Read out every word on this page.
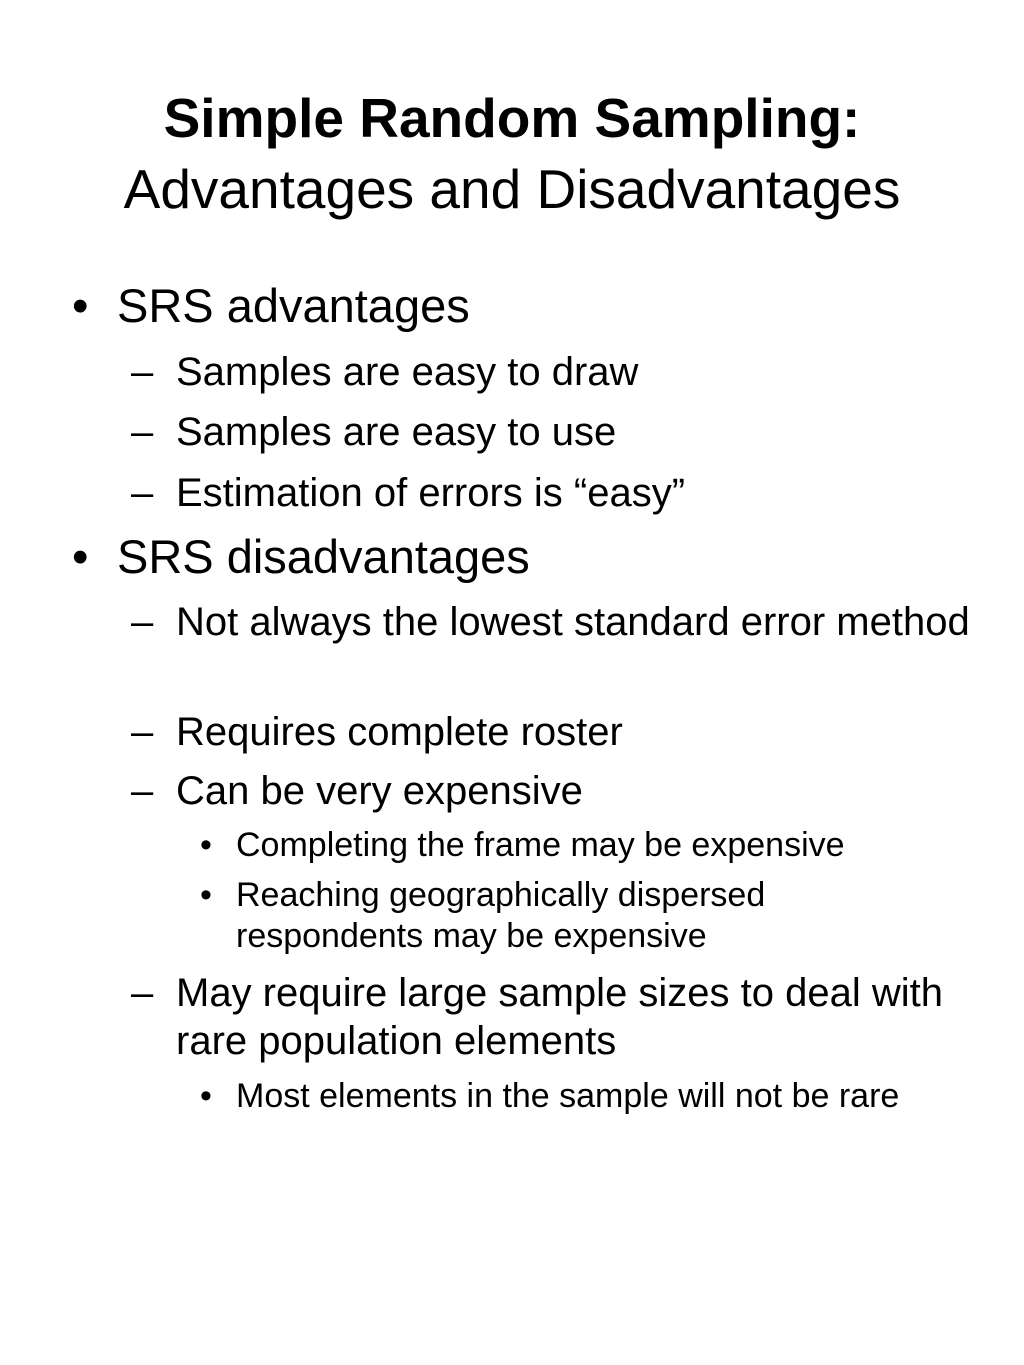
Simple Random Sampling:
Advantages and Disadvantages
• SRS advantages
– Samples are easy to draw
– Samples are easy to use
– Estimation of errors is “easy”
• SRS disadvantages
– Not always the lowest standard error method
– Requires complete roster
– Can be very expensive
• Completing the frame may be expensive
• Reaching geographically dispersed respondents may be expensive
– May require large sample sizes to deal with rare population elements
• Most elements in the sample will not be rare
